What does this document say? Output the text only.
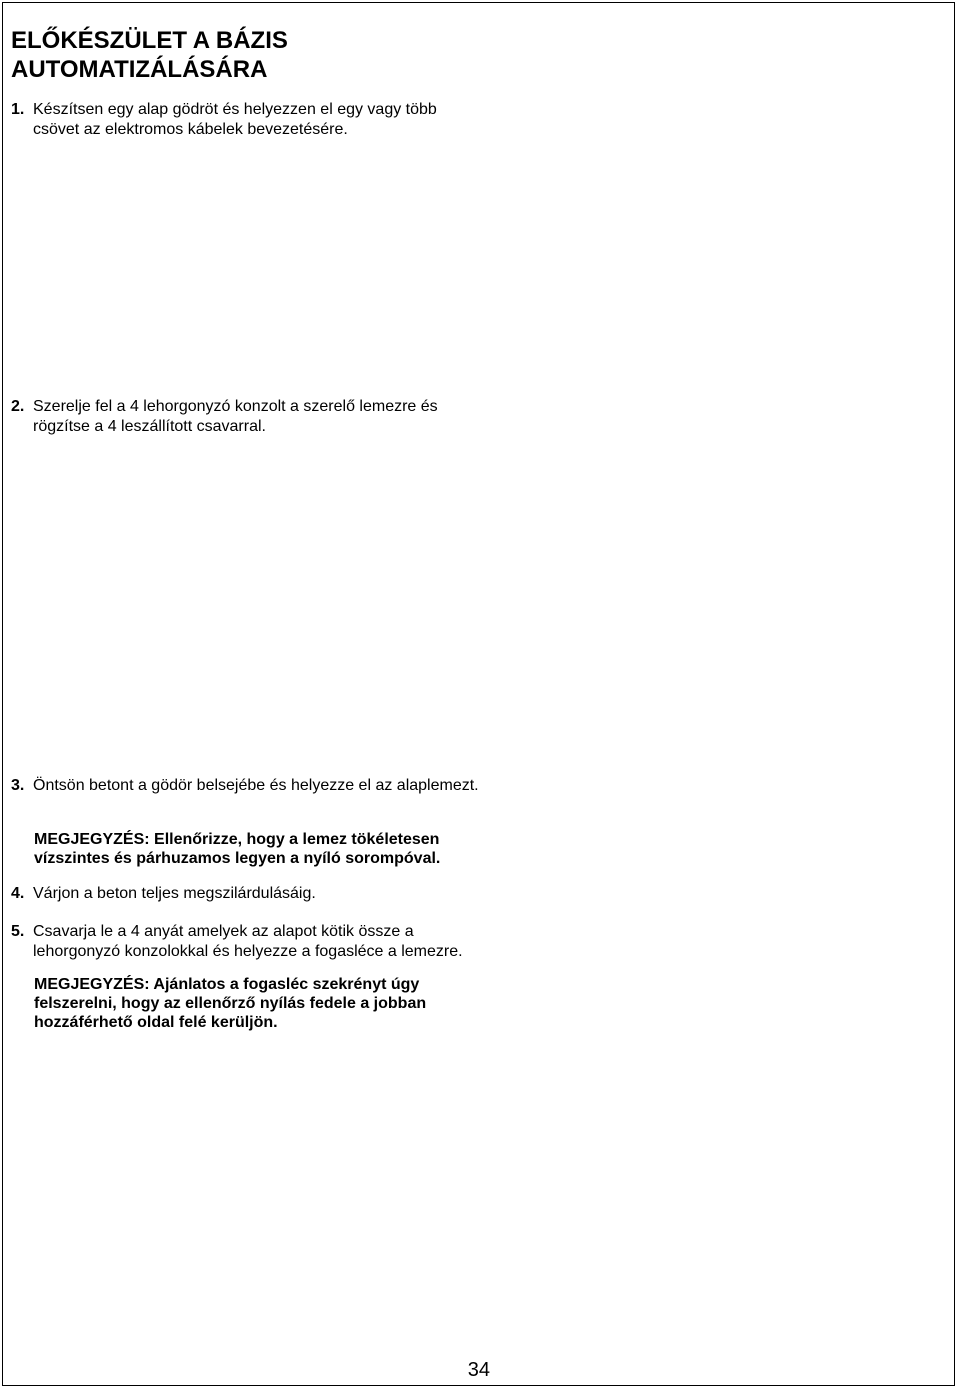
ELŐKÉSZÜLET A BÁZIS
AUTOMATIZÁLÁSÁRA
1. Készítsen egy alap gödröt és helyezzen el egy vagy több csövet az elektromos kábelek bevezetésére.
2. Szerelje fel a 4 lehorgonyzó konzolt a szerelő lemezre és rögzítse a 4 leszállított csavarral.
3. Öntsön betont a gödör belsejébe és helyezze el az alaplemezt.

MEGJEGYZÉS: Ellenőrizze, hogy a lemez tökéletesen vízszintes és párhuzamos legyen a nyíló sorompóval.

4. Várjon a beton teljes megszilárdulásáig.
5. Csavarja le a 4 anyát amelyek az alapot kötik össze a lehorgonyzó konzolokkal és helyezze a fogasléce a lemezre.

MEGJEGYZÉS: Ajánlatos a fogasléc szekrényt úgy felszerelni, hogy az ellenőrző nyílás fedele a jobban hozzáférhető oldal felé kerüljön.

34
